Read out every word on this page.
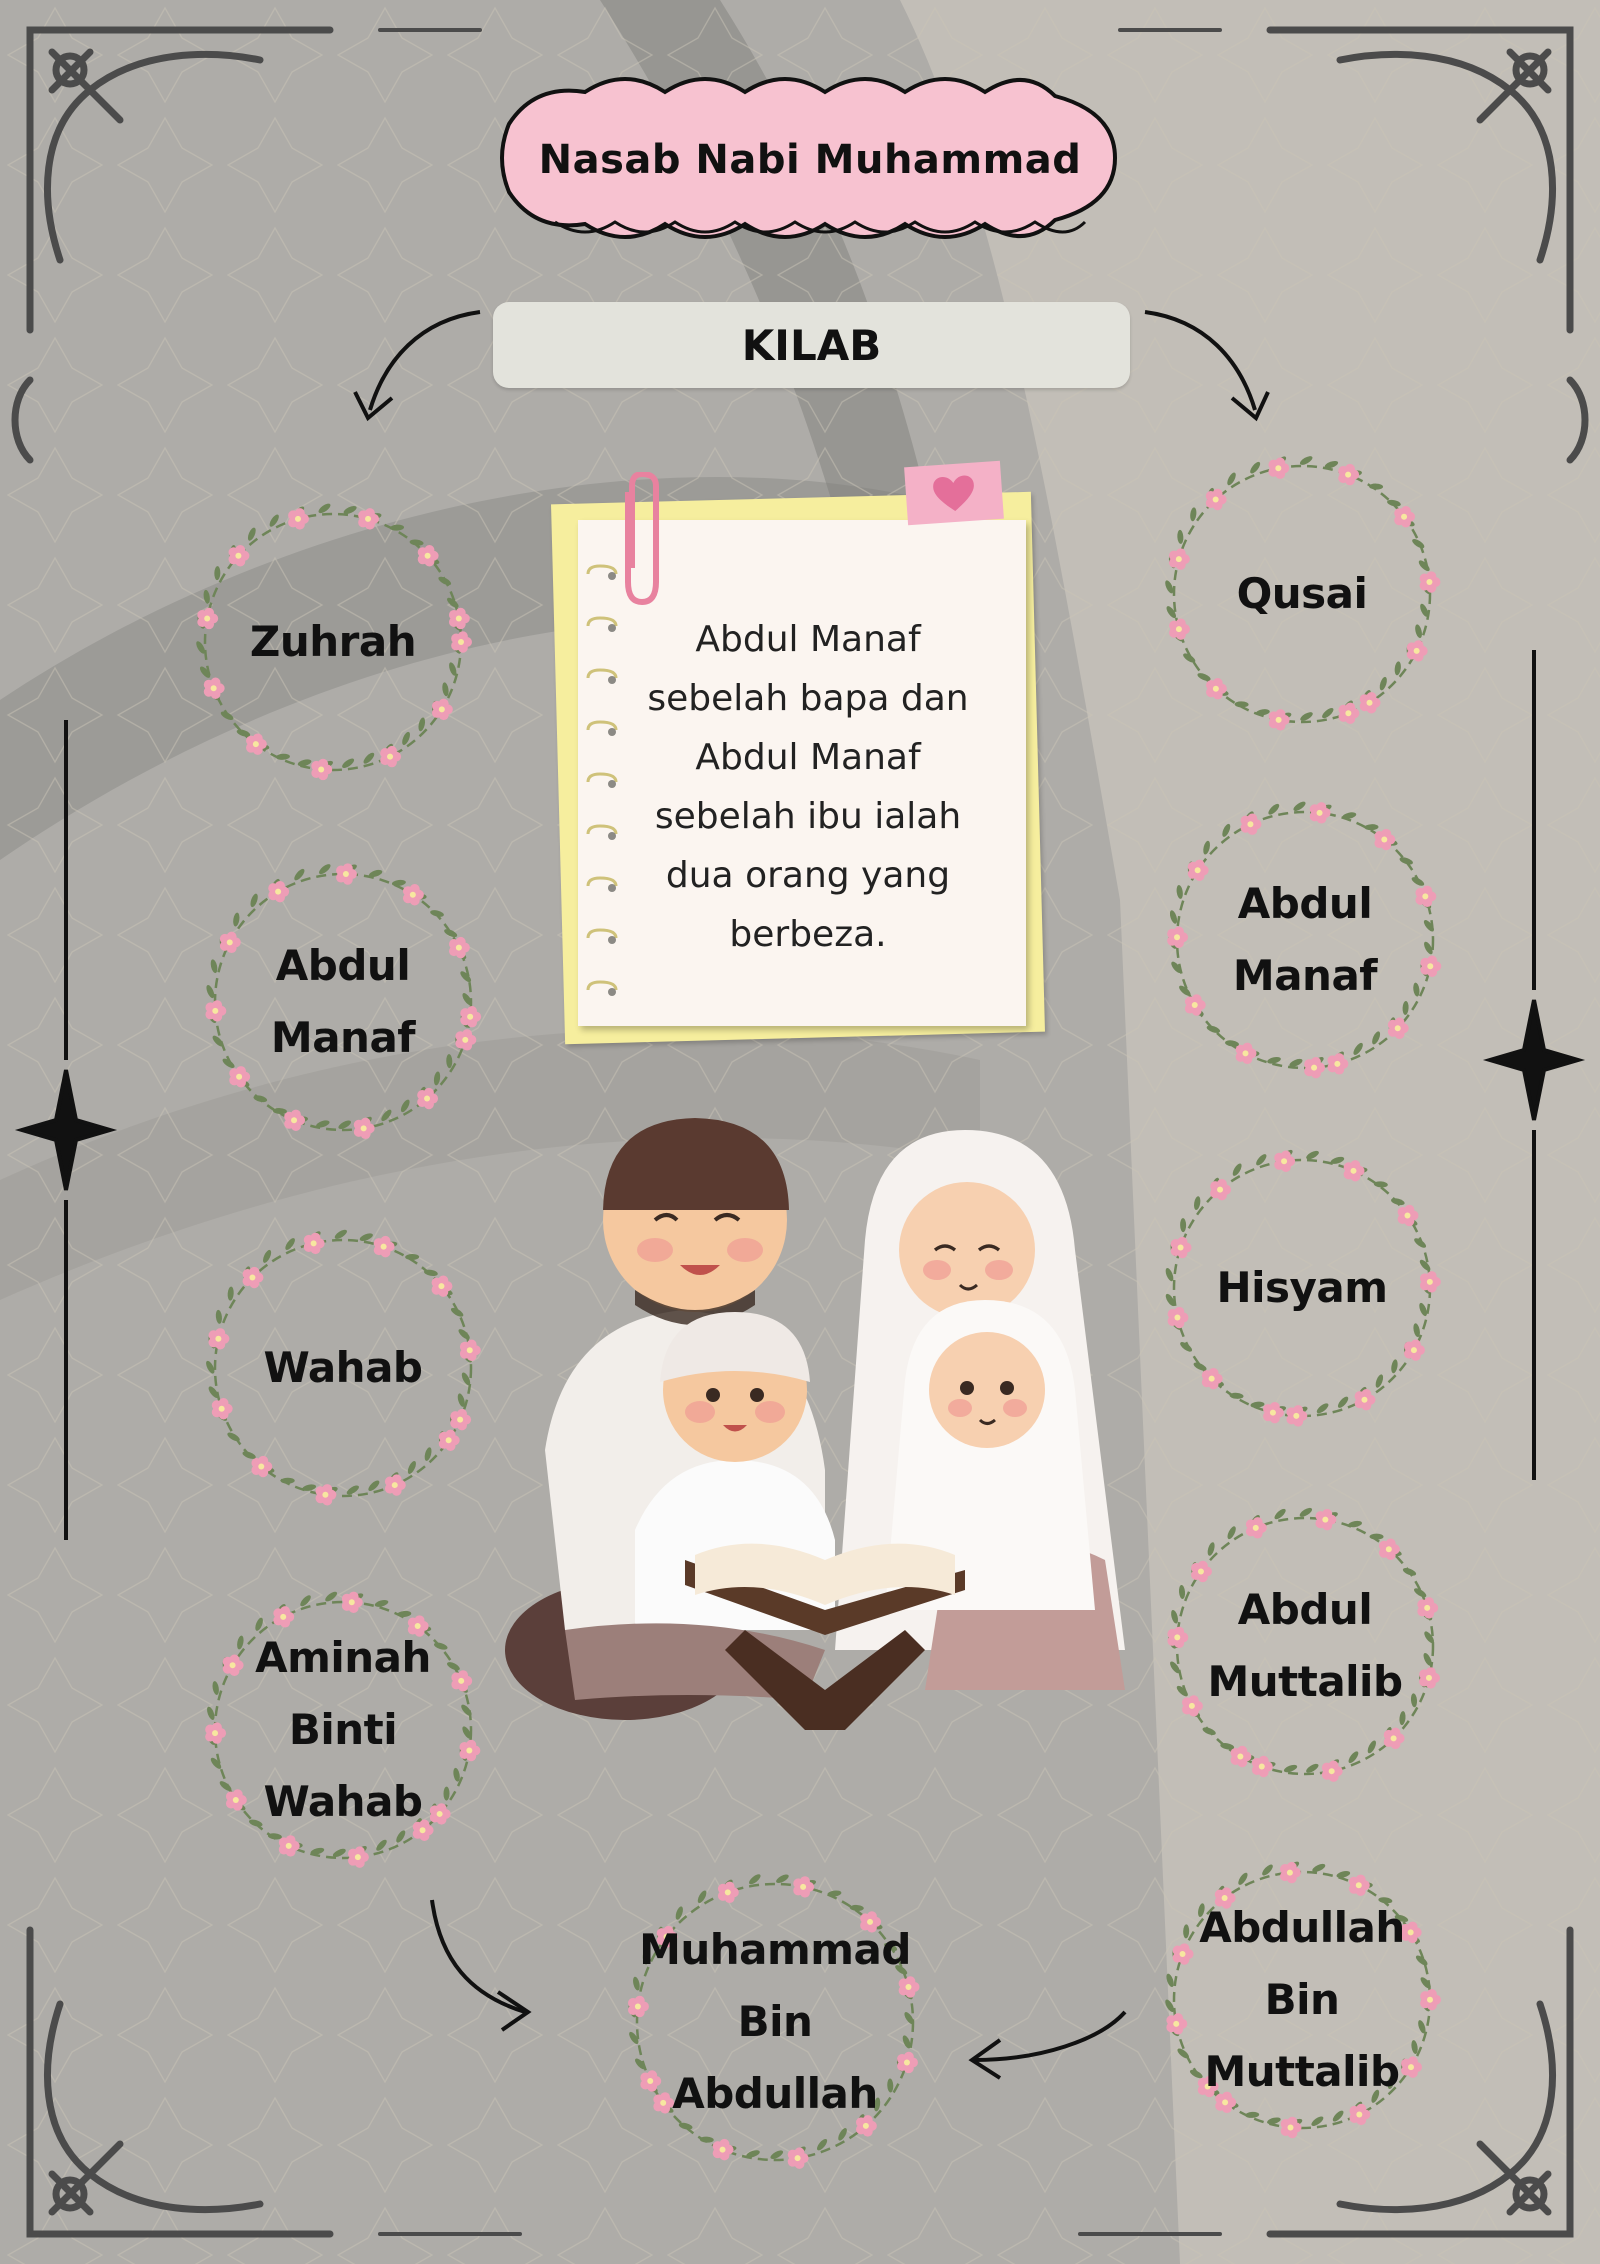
Nasab Nabi Muhammad
KILAB
Abdul Manaf
sebelah bapa dan
Abdul Manaf
sebelah ibu ialah
dua orang yang
berbeza.
Zuhrah
Abdul
Manaf
Wahab
Aminah
Binti
Wahab
Qusai
Abdul
Manaf
Hisyam
Abdul
Muttalib
Abdullah
Bin
Muttalib
Muhammad
Bin
Abdullah
